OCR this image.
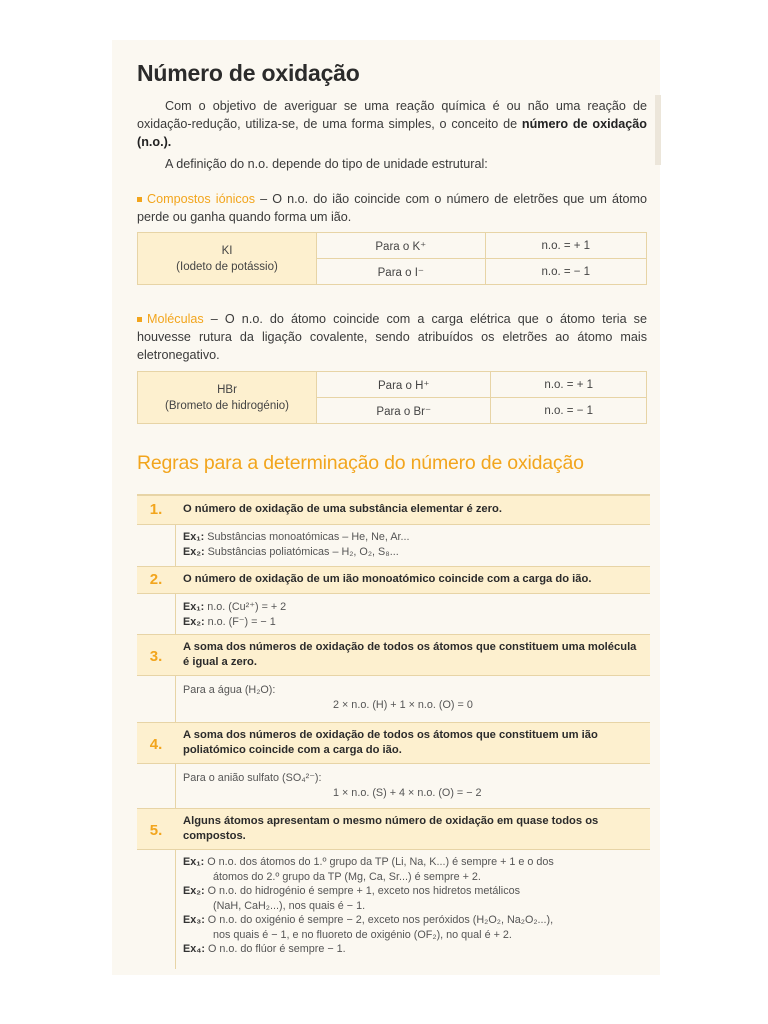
Número de oxidação
Com o objetivo de averiguar se uma reação química é ou não uma reação de oxidação-redução, utiliza-se, de uma forma simples, o conceito de número de oxidação (n.o.).
A definição do n.o. depende do tipo de unidade estrutural:
Compostos iónicos – O n.o. do ião coincide com o número de eletrões que um átomo perde ou ganha quando forma um ião.
KI
(Iodeto de potássio)	Para o K⁺	n.o. = + 1
	Para o I⁻	n.o. = − 1
Moléculas – O n.o. do átomo coincide com a carga elétrica que o átomo teria se houvesse rutura da ligação covalente, sendo atribuídos os eletrões ao átomo mais eletronegativo.
HBr
(Brometo de hidrogénio)	Para o H⁺	n.o. = + 1
	Para o Br⁻	n.o. = − 1
Regras para a determinação do número de oxidação
1.	O número de oxidação de uma substância elementar é zero.
Ex₁: Substâncias monoatómicas – He, Ne, Ar...
Ex₂: Substâncias poliatómicas – H₂, O₂, S₈...
2.	O número de oxidação de um ião monoatómico coincide com a carga do ião.
Ex₁: n.o. (Cu²⁺) = + 2
Ex₂: n.o. (F⁻) = − 1
3.
A soma dos números de oxidação de todos os átomos que constituem uma molécula é igual a zero.
Para a água (H₂O):
2 × n.o. (H) + 1 × n.o. (O) = 0
4.
A soma dos números de oxidação de todos os átomos que constituem um ião poliatómico coincide com a carga do ião.
Para o anião sulfato (SO₄²⁻):
1 × n.o. (S) + 4 × n.o. (O) = − 2
5.
Alguns átomos apresentam o mesmo número de oxidação em quase todos os compostos.
Ex₁: O n.o. dos átomos do 1.º grupo da TP (Li, Na, K...) é sempre + 1 e o dos
átomos do 2.º grupo da TP (Mg, Ca, Sr...) é sempre + 2.
Ex₂: O n.o. do hidrogénio é sempre + 1, exceto nos hidretos metálicos
(NaH, CaH₂...), nos quais é − 1.
Ex₃: O n.o. do oxigénio é sempre − 2, exceto nos peróxidos (H₂O₂, Na₂O₂...),
nos quais é − 1, e no fluoreto de oxigénio (OF₂), no qual é + 2.
Ex₄: O n.o. do flúor é sempre − 1.
